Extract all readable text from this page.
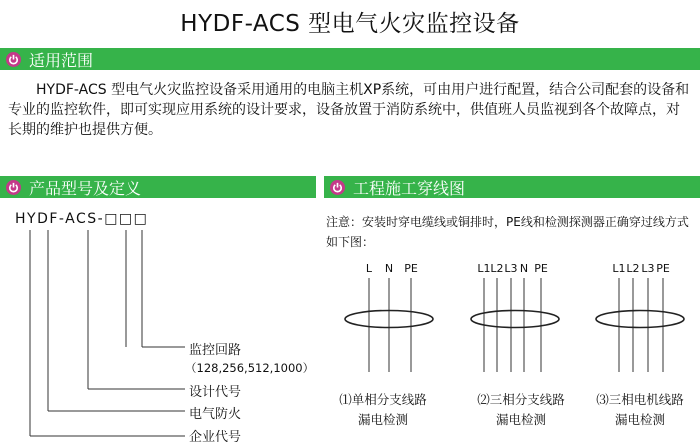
HYDF-ACS 型电气火灾监控设备
适用范围
HYDF-ACS 型电气火灾监控设备采用通用的电脑主机XP系统，可由用户进行配置，结合公司配套的设备和专业的监控软件，即可实现应用系统的设计要求，设备放置于消防系统中，供值班人员监视到各个故障点，对长期的维护也提供方便。
产品型号及定义
HYDF-ACS-□□□
监控回路
（128,256,512,1000）
设计代号
电气防火
企业代号
工程施工穿线图
注意：安装时穿电缆线或铜排时，PE线和检测探测器正确穿过线方式如下图：
L	N	PE
⑴单相分支线路
漏电检测
L1 L2 L3 N PE
⑵三相分支线路
漏电检测
L1 L2 L3 PE
⑶三相电机线路
漏电检测
